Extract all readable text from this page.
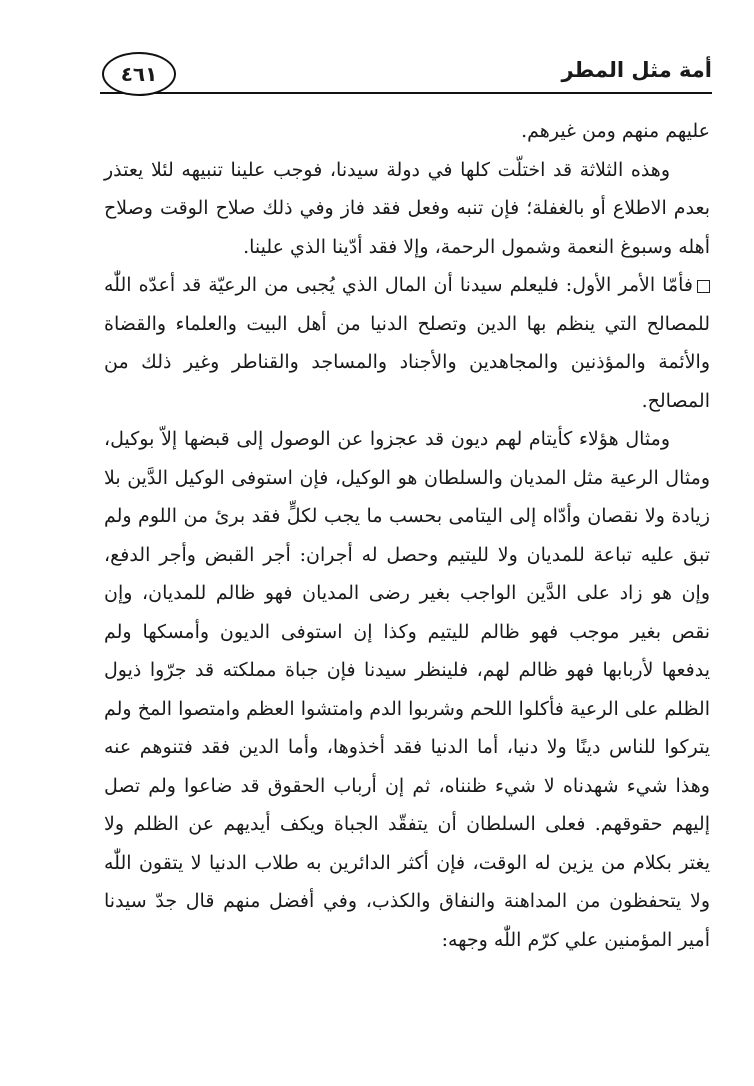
أمة مثل المطر
٤٦١

عليهم منهم ومن غيرهم.

وهذه الثلاثة قد اختلّت كلها في دولة سيدنا، فوجب علينا تنبيهه لئلا يعتذر بعدم الاطلاع أو بالغفلة؛ فإن تنبه وفعل فقد فاز وفي ذلك صلاح الوقت وصلاح أهله وسبوغ النعمة وشمول الرحمة، وإلا فقد أدّينا الذي علينا.

فأمّا الأمر الأول: فليعلم سيدنا أن المال الذي يُجبى من الرعيّة قد أعدّه اللّٰه للمصالح التي ينظم بها الدين وتصلح الدنيا من أهل البيت والعلماء والقضاة والأئمة والمؤذنين والمجاهدين والأجناد والمساجد والقناطر وغير ذلك من المصالح.

ومثال هؤلاء كأيتام لهم ديون قد عجزوا عن الوصول إلى قبضها إلاّ بوكيل، ومثال الرعية مثل المديان والسلطان هو الوكيل، فإن استوفى الوكيل الدَّين بلا زيادة ولا نقصان وأدّاه إلى اليتامى بحسب ما يجب لكلٍّ فقد برئ من اللوم ولم تبق عليه تباعة للمديان ولا لليتيم وحصل له أجران: أجر القبض وأجر الدفع، وإن هو زاد على الدَّين الواجب بغير رضى المديان فهو ظالم للمديان، وإن نقص بغير موجب فهو ظالم لليتيم وكذا إن استوفى الديون وأمسكها ولم يدفعها لأربابها فهو ظالم لهم، فلينظر سيدنا فإن جباة مملكته قد جرّوا ذيول الظلم على الرعية فأكلوا اللحم وشربوا الدم وامتشوا العظم وامتصوا المخ ولم يتركوا للناس دينًا ولا دنيا، أما الدنيا فقد أخذوها، وأما الدين فقد فتنوهم عنه وهذا شيء شهدناه لا شيء ظنناه، ثم إن أرباب الحقوق قد ضاعوا ولم تصل إليهم حقوقهم. فعلى السلطان أن يتفقّد الجباة ويكف أيديهم عن الظلم ولا يغتر بكلام من يزين له الوقت، فإن أكثر الدائرين به طلاب الدنيا لا يتقون اللّٰه ولا يتحفظون من المداهنة والنفاق والكذب، وفي أفضل منهم قال جدّ سيدنا أمير المؤمنين علي كرّم اللّٰه وجهه:
